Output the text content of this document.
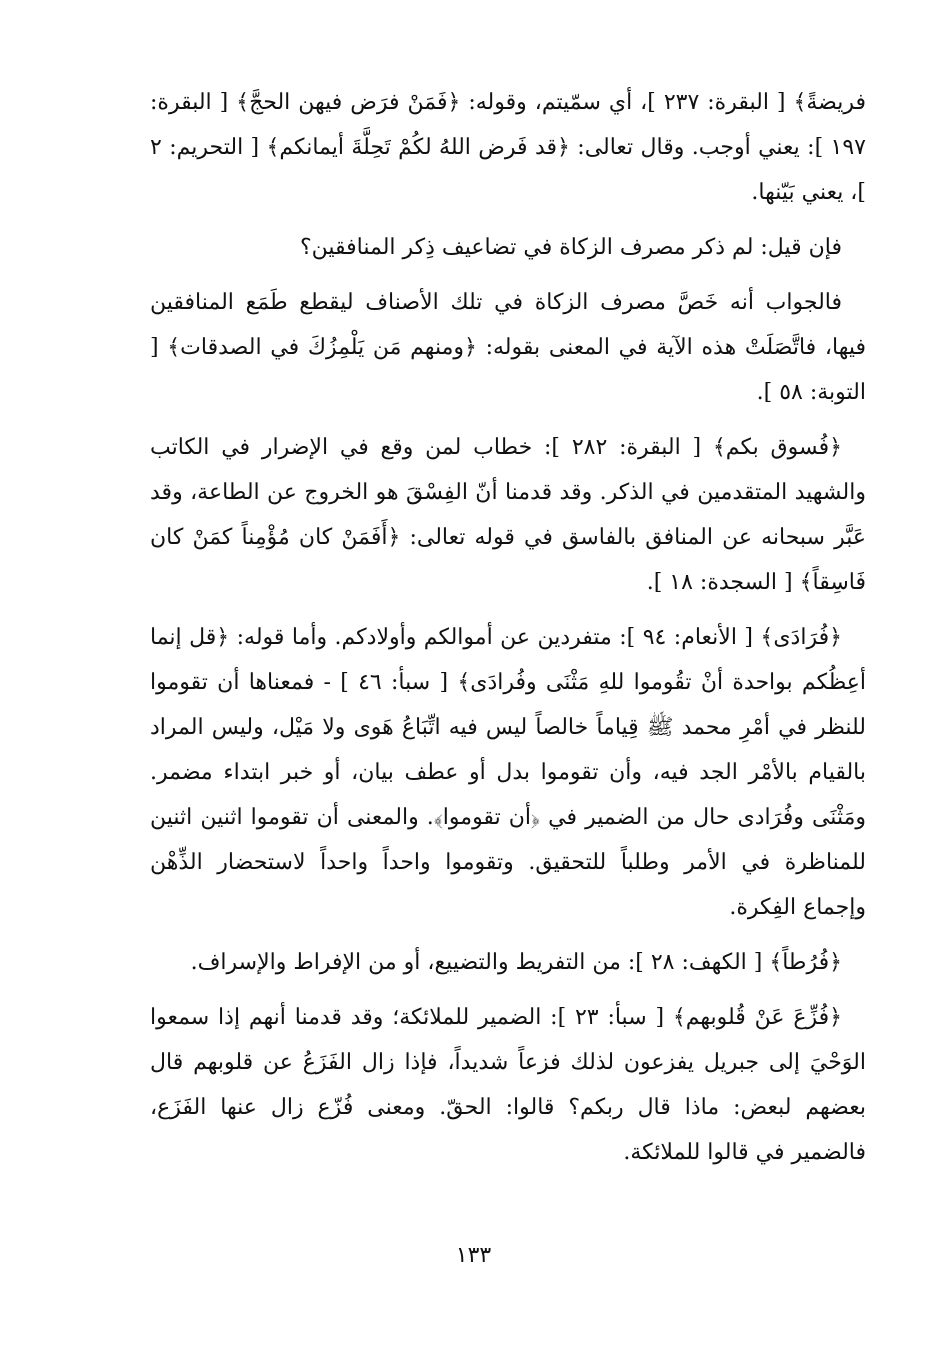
فريضةً﴾ [ البقرة: ٢٣٧ ]، أي سمّيتم، وقوله: ﴿فَمَنْ فرَض فيهن الحجَّ﴾ [ البقرة: ١٩٧ ]: يعني أوجب. وقال تعالى: ﴿قد فَرض اللهُ لكُمْ تَحِلَّةَ أيمانكم﴾ [ التحريم: ٢ ]، يعني بَيّنها.

فإن قيل: لم ذكر مصرف الزكاة في تضاعيف ذِكر المنافقين؟

فالجواب أنه خَصَّ مصرف الزكاة في تلك الأصناف ليقطع طَمَع المنافقين فيها، فاتَّصَلَتْ هذه الآية في المعنى بقوله: ﴿ومنهم مَن يَلْمِزُكَ في الصدقات﴾ [ التوبة: ٥٨ ].

﴿فُسوق بكم﴾ [ البقرة: ٢٨٢ ]: خطاب لمن وقع في الإضرار في الكاتب والشهيد المتقدمين في الذكر. وقد قدمنا أنّ الفِسْقَ هو الخروج عن الطاعة، وقد عَبَّر سبحانه عن المنافق بالفاسق في قوله تعالى: ﴿أَفَمَنْ كان مُؤْمِناً كمَنْ كان فَاسِقاً﴾ [ السجدة: ١٨ ].

﴿فُرَادَى﴾ [ الأنعام: ٩٤ ]: متفردين عن أموالكم وأولادكم. وأما قوله: ﴿قل إنما أعِظُكم بواحدة أنْ تقُوموا للهِ مَثْنَى وفُرادَى﴾ [ سبأ: ٤٦ ] - فمعناها أن تقوموا للنظر في أمْرِ محمد ﷺ قِياماً خالصاً ليس فيه اتِّبَاعُ هَوى ولا مَيْل، وليس المراد بالقيام بالأمْر الجد فيه، وأن تقوموا بدل أو عطف بيان، أو خبر ابتداء مضمر. ومَثْنَى وفُرَادى حال من الضمير في ﴿أن تقوموا﴾. والمعنى أن تقوموا اثنين اثنين للمناظرة في الأمر وطلباً للتحقيق. وتقوموا واحداً واحداً لاستحضار الذِّهْن وإجماع الفِكرة.

﴿فُرُطاً﴾ [ الكهف: ٢٨ ]: من التفريط والتضييع، أو من الإفراط والإسراف.

﴿فُزِّعَ عَنْ قُلوبهم﴾ [ سبأ: ٢٣ ]: الضمير للملائكة؛ وقد قدمنا أنهم إذا سمعوا الوَحْيَ إلى جبريل يفزعون لذلك فزعاً شديداً، فإذا زال الفَزَعُ عن قلوبهم قال بعضهم لبعض: ماذا قال ربكم؟ قالوا: الحقّ. ومعنى فُزّع زال عنها الفَزَع، فالضمير في قالوا للملائكة.

١٣٣
